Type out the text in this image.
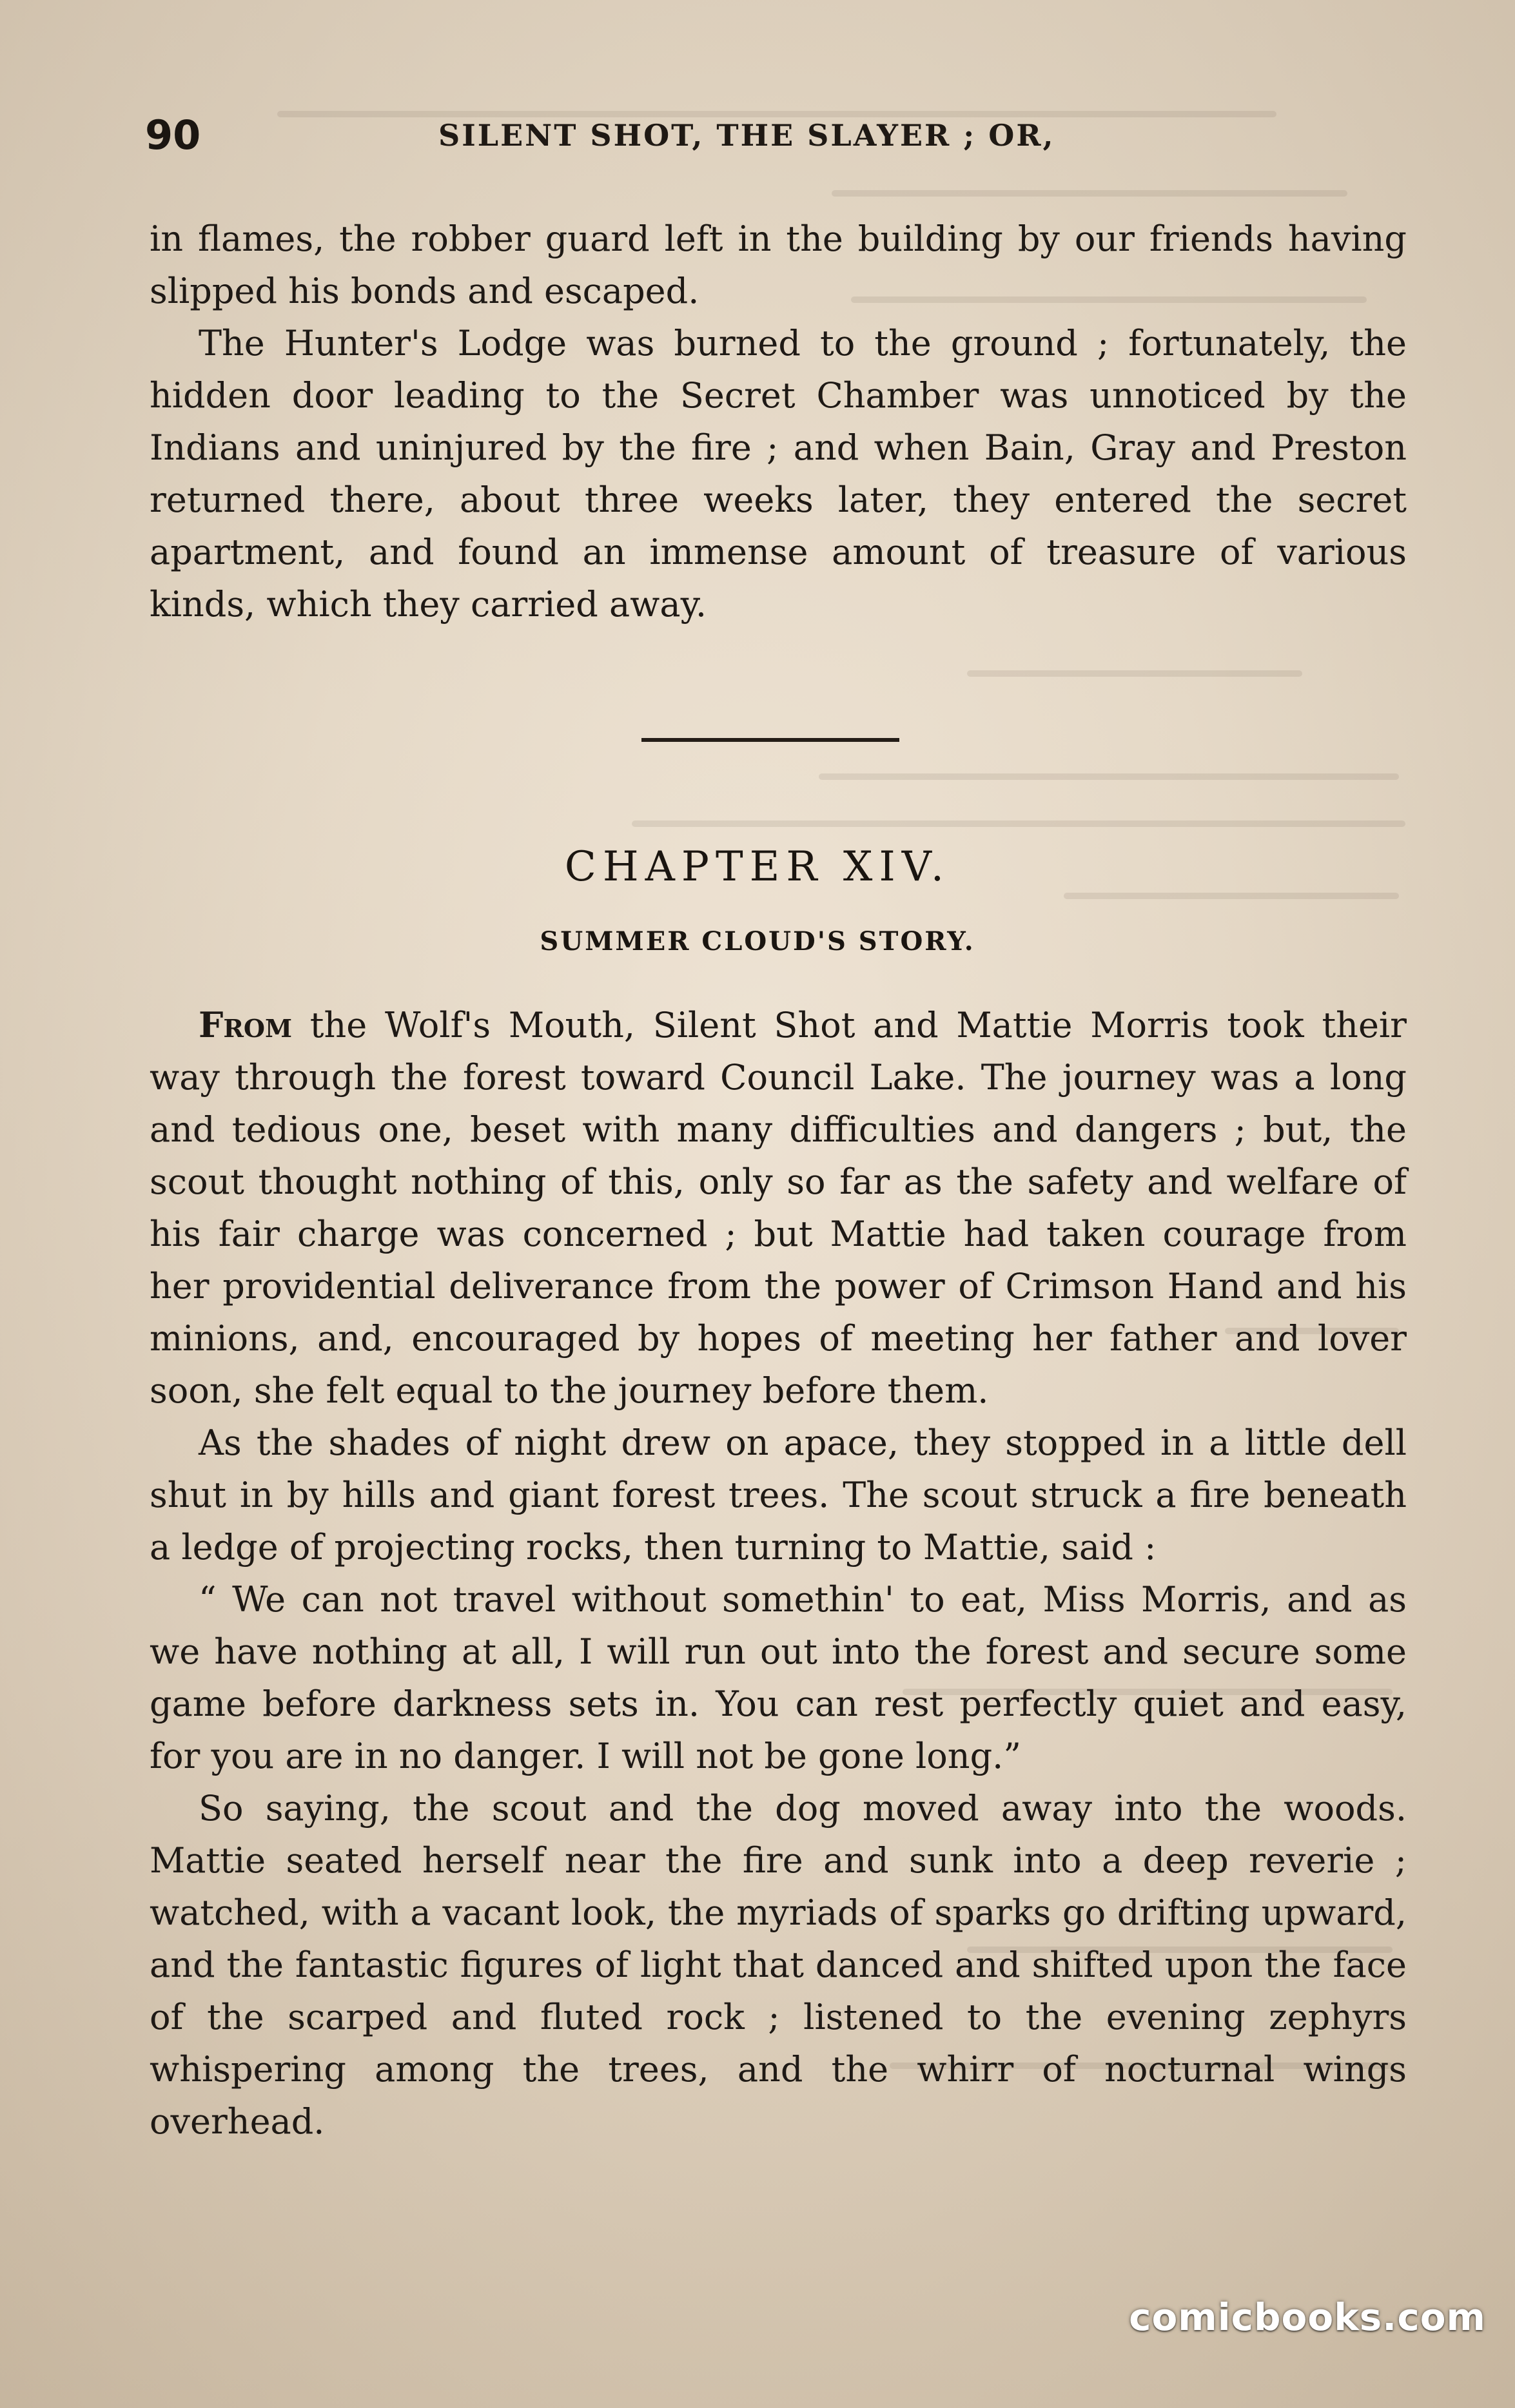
90	SILENT SHOT, THE SLAYER ; OR,

in flames, the robber guard left in the building by our friends having slipped his bonds and escaped.

The Hunter's Lodge was burned to the ground ; fortunately, the hidden door leading to the Secret Chamber was unnoticed by the Indians and uninjured by the fire ; and when Bain, Gray and Preston returned there, about three weeks later, they entered the secret apartment, and found an immense amount of treasure of various kinds, which they carried away.

CHAPTER XIV.
SUMMER CLOUD'S STORY.

From the Wolf's Mouth, Silent Shot and Mattie Morris took their way through the forest toward Council Lake. The journey was a long and tedious one, beset with many difficulties and dangers ; but, the scout thought nothing of this, only so far as the safety and welfare of his fair charge was concerned ; but Mattie had taken courage from her providential deliverance from the power of Crimson Hand and his minions, and, encouraged by hopes of meeting her father and lover soon, she felt equal to the journey before them.

As the shades of night drew on apace, they stopped in a little dell shut in by hills and giant forest trees. The scout struck a fire beneath a ledge of projecting rocks, then turning to Mattie, said :

“ We can not travel without somethin' to eat, Miss Morris, and as we have nothing at all, I will run out into the forest and secure some game before darkness sets in. You can rest perfectly quiet and easy, for you are in no danger. I will not be gone long.”

So saying, the scout and the dog moved away into the woods. Mattie seated herself near the fire and sunk into a deep reverie ; watched, with a vacant look, the myriads of sparks go drifting upward, and the fantastic figures of light that danced and shifted upon the face of the scarped and fluted rock ; listened to the evening zephyrs whispering among the trees, and the whirr of nocturnal wings overhead.

comicbooks.com
